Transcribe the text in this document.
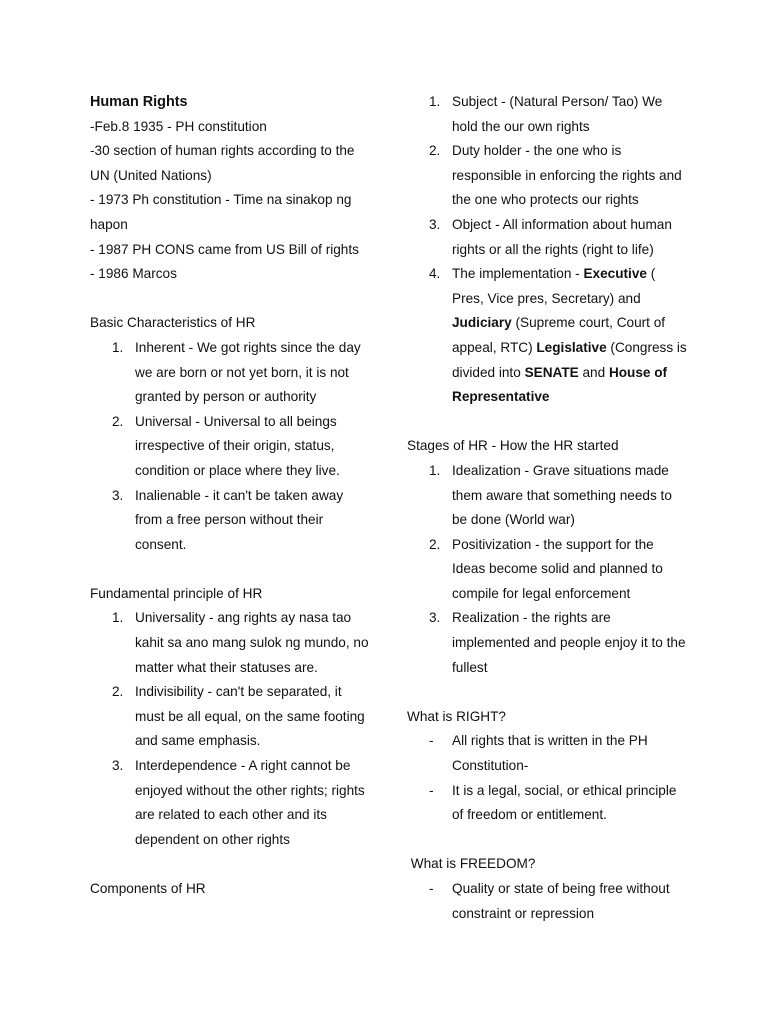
Human Rights

-Feb.8 1935 - PH constitution

-30 section of human rights according to the UN (United Nations)

- 1973 Ph constitution - Time na sinakop ng hapon

- 1987 PH CONS came from US Bill of rights

- 1986 Marcos

Basic Characteristics of HR

1. Inherent - We got rights since the day we are born or not yet born, it is not granted by person or authority
2. Universal - Universal to all beings irrespective of their origin, status, condition or place where they live.
3. Inalienable - it can't be taken away from a free person without their consent.

Fundamental principle of HR

1. Universality - ang rights ay nasa tao kahit sa ano mang sulok ng mundo, no matter what their statuses are.
2. Indivisibility - can't be separated, it must be all equal, on the same footing and same emphasis.
3. Interdependence - A right cannot be enjoyed without the other rights; rights are related to each other and its dependent on other rights

Components of HR

1. Subject - (Natural Person/ Tao) We hold the our own rights
2. Duty holder - the one who is responsible in enforcing the rights and the one who protects our rights
3. Object - All information about human rights or all the rights (right to life)
4. The implementation - Executive ( Pres, Vice pres, Secretary) and Judiciary (Supreme court, Court of appeal, RTC) Legislative (Congress is divided into SENATE and House of Representative

Stages of HR - How the HR started

1. Idealization - Grave situations made them aware that something needs to be done (World war)
2. Positivization - the support for the Ideas become solid and planned to compile for legal enforcement
3. Realization - the rights are implemented and people enjoy it to the fullest

What is RIGHT?

- All rights that is written in the PH Constitution-
- It is a legal, social, or ethical principle of freedom or entitlement.

What is FREEDOM?

- Quality or state of being free without constraint or repression
